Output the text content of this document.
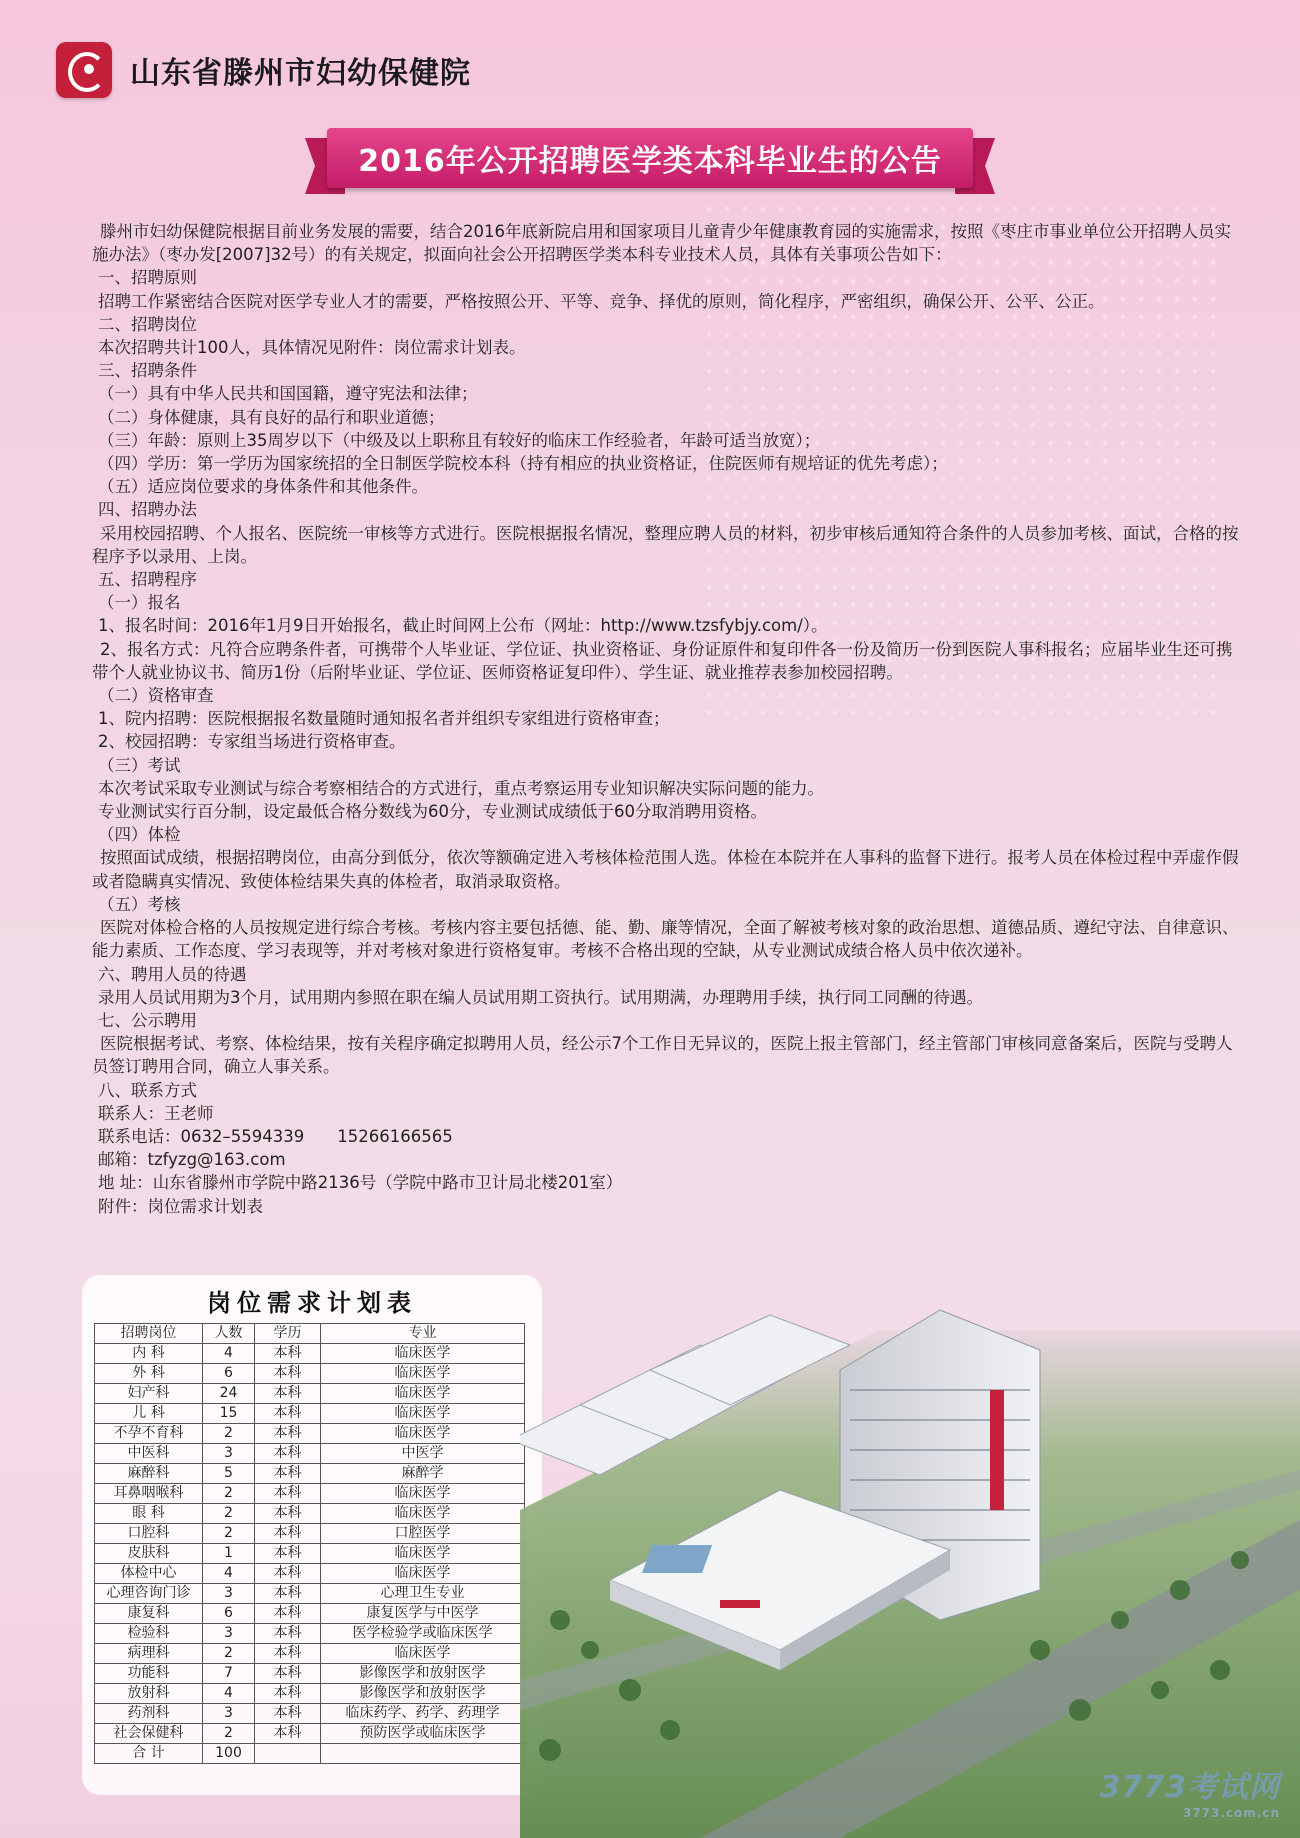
山东省滕州市妇幼保健院
2016年公开招聘医学类本科毕业生的公告

滕州市妇幼保健院根据目前业务发展的需要，结合2016年底新院启用和国家项目儿童青少年健康教育园的实施需求，按照《枣庄市事业单位公开招聘人员实施办法》（枣办发[2007]32号）的有关规定，拟面向社会公开招聘医学类本科专业技术人员，具体有关事项公告如下：

一、招聘原则

招聘工作紧密结合医院对医学专业人才的需要，严格按照公开、平等、竞争、择优的原则，简化程序，严密组织，确保公开、公平、公正。

二、招聘岗位

本次招聘共计100人，具体情况见附件：岗位需求计划表。

三、招聘条件

（一）具有中华人民共和国国籍，遵守宪法和法律；

（二）身体健康，具有良好的品行和职业道德；

（三）年龄：原则上35周岁以下（中级及以上职称且有较好的临床工作经验者，年龄可适当放宽）；

（四）学历：第一学历为国家统招的全日制医学院校本科（持有相应的执业资格证，住院医师有规培证的优先考虑）；

（五）适应岗位要求的身体条件和其他条件。

四、招聘办法

采用校园招聘、个人报名、医院统一审核等方式进行。医院根据报名情况，整理应聘人员的材料，初步审核后通知符合条件的人员参加考核、面试，合格的按程序予以录用、上岗。

五、招聘程序

（一）报名

1、报名时间：2016年1月9日开始报名，截止时间网上公布（网址：http://www.tzsfybjy.com/）。

2、报名方式：凡符合应聘条件者，可携带个人毕业证、学位证、执业资格证、身份证原件和复印件各一份及简历一份到医院人事科报名；应届毕业生还可携带个人就业协议书、简历1份（后附毕业证、学位证、医师资格证复印件）、学生证、就业推荐表参加校园招聘。

（二）资格审查

1、院内招聘：医院根据报名数量随时通知报名者并组织专家组进行资格审查；

2、校园招聘：专家组当场进行资格审查。

（三）考试

本次考试采取专业测试与综合考察相结合的方式进行，重点考察运用专业知识解决实际问题的能力。

专业测试实行百分制，设定最低合格分数线为60分，专业测试成绩低于60分取消聘用资格。

（四）体检

按照面试成绩，根据招聘岗位，由高分到低分，依次等额确定进入考核体检范围人选。体检在本院并在人事科的监督下进行。报考人员在体检过程中弄虚作假或者隐瞒真实情况、致使体检结果失真的体检者，取消录取资格。

（五）考核

医院对体检合格的人员按规定进行综合考核。考核内容主要包括德、能、勤、廉等情况，全面了解被考核对象的政治思想、道德品质、遵纪守法、自律意识、能力素质、工作态度、学习表现等，并对考核对象进行资格复审。考核不合格出现的空缺，从专业测试成绩合格人员中依次递补。

六、聘用人员的待遇

录用人员试用期为3个月，试用期内参照在职在编人员试用期工资执行。试用期满，办理聘用手续，执行同工同酬的待遇。

七、公示聘用

医院根据考试、考察、体检结果，按有关程序确定拟聘用人员，经公示7个工作日无异议的，医院上报主管部门，经主管部门审核同意备案后，医院与受聘人员签订聘用合同，确立人事关系。

八、联系方式

联系人：王老师

联系电话：0632–5594339　　15266166565

邮箱：tzfyzg@163.com

地 址：山东省滕州市学院中路2136号（学院中路市卫计局北楼201室）

附件：岗位需求计划表

岗位需求计划表
招聘岗位	人数	学历	专业
内 科	4	本科	临床医学
外 科	6	本科	临床医学
妇产科	24	本科	临床医学
儿 科	15	本科	临床医学
不孕不育科	2	本科	临床医学
中医科	3	本科	中医学
麻醉科	5	本科	麻醉学
耳鼻咽喉科	2	本科	临床医学
眼 科	2	本科	临床医学
口腔科	2	本科	口腔医学
皮肤科	1	本科	临床医学
体检中心	4	本科	临床医学
心理咨询门诊	3	本科	心理卫生专业
康复科	6	本科	康复医学与中医学
检验科	3	本科	医学检验学或临床医学
病理科	2	本科	临床医学
功能科	7	本科	影像医学和放射医学
放射科	4	本科	影像医学和放射医学
药剂科	3	本科	临床药学、药学、药理学
社会保健科	2	本科	预防医学或临床医学
合 计	100		
3773考试网
3773.com.cn
